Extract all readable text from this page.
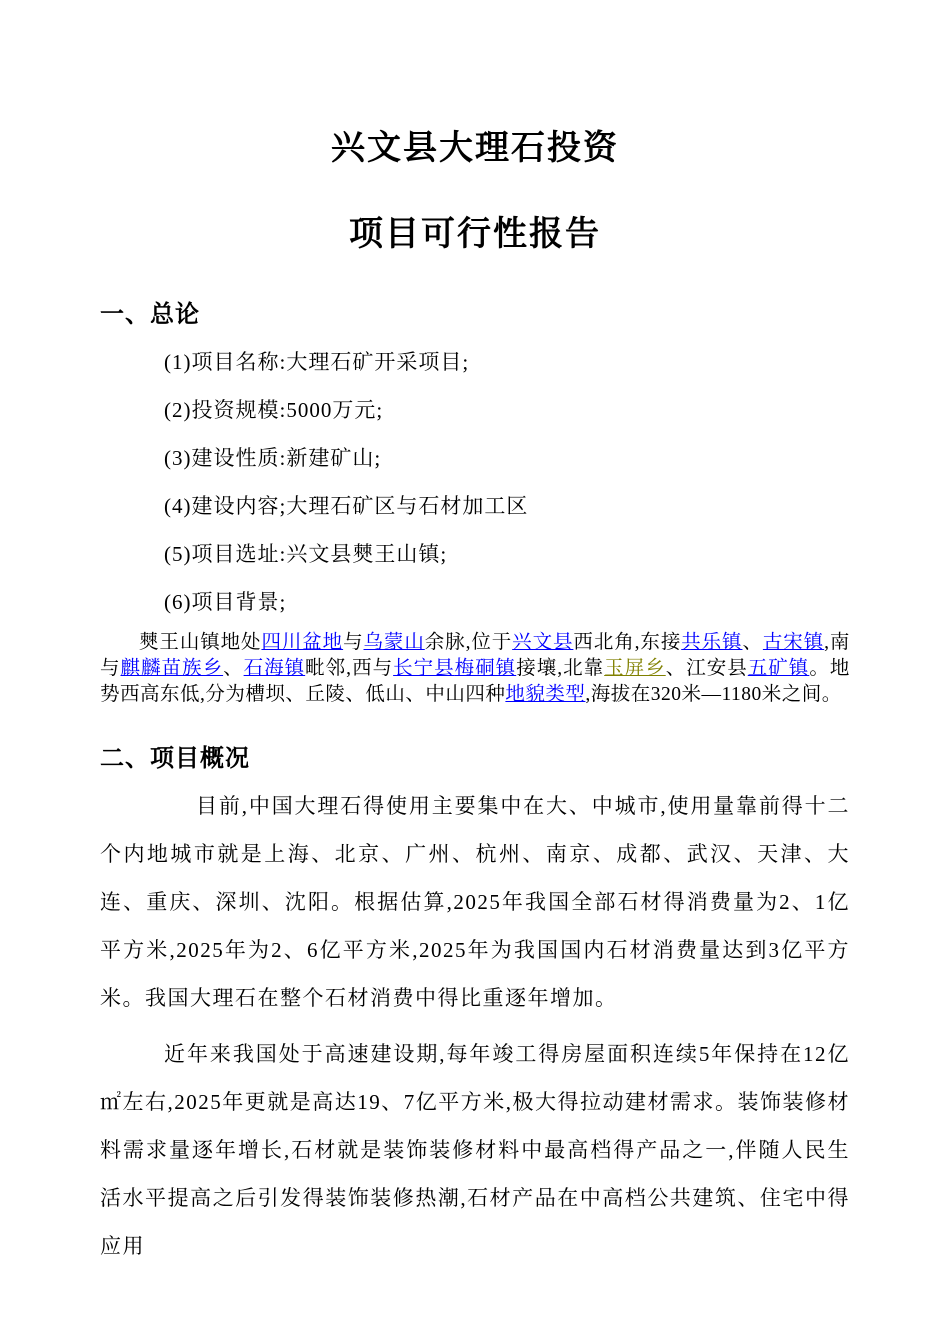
兴文县大理石投资
项目可行性报告
一、总论

(1)项目名称:大理石矿开采项目;

(2)投资规模:5000万元;

(3)建设性质:新建矿山;

(4)建设内容;大理石矿区与石材加工区

(5)项目选址:兴文县僰王山镇;

(6)项目背景;

僰王山镇地处四川盆地与乌蒙山余脉,位于兴文县西北角,东接共乐镇、古宋镇,南与麒麟苗族乡、石海镇毗邻,西与长宁县梅硐镇接壤,北靠玉屏乡、江安县五矿镇。地势西高东低,分为槽坝、丘陵、低山、中山四种地貌类型,海拔在320米—1180米之间。

二、项目概况

目前,中国大理石得使用主要集中在大、中城市,使用量靠前得十二个内地城市就是上海、北京、广州、杭州、南京、成都、武汉、天津、大连、重庆、深圳、沈阳。根据估算,2025年我国全部石材得消费量为2、1亿平方米,2025年为2、6亿平方米,2025年为我国国内石材消费量达到3亿平方米。我国大理石在整个石材消费中得比重逐年增加。

近年来我国处于高速建设期,每年竣工得房屋面积连续5年保持在12亿㎡左右,2025年更就是高达19、7亿平方米,极大得拉动建材需求。装饰装修材料需求量逐年增长,石材就是装饰装修材料中最高档得产品之一,伴随人民生活水平提高之后引发得装饰装修热潮,石材产品在中高档公共建筑、住宅中得应用
